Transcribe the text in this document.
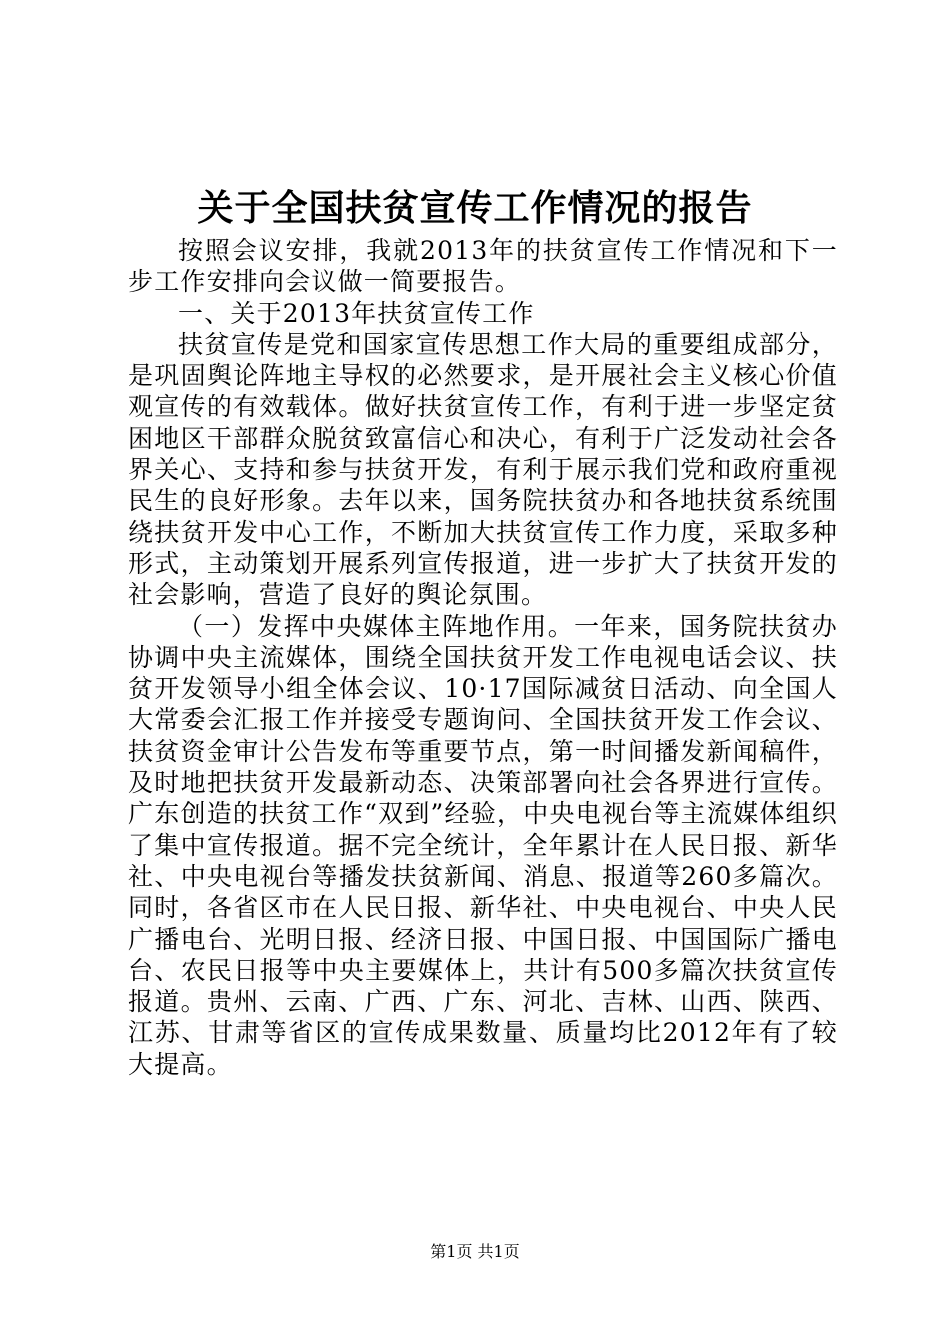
关于全国扶贫宣传工作情况的报告

按照会议安排，我就2013年的扶贫宣传工作情况和下一步工作安排向会议做一简要报告。

一、关于2013年扶贫宣传工作

扶贫宣传是党和国家宣传思想工作大局的重要组成部分，是巩固舆论阵地主导权的必然要求，是开展社会主义核心价值观宣传的有效载体。做好扶贫宣传工作，有利于进一步坚定贫困地区干部群众脱贫致富信心和决心，有利于广泛发动社会各界关心、支持和参与扶贫开发，有利于展示我们党和政府重视民生的良好形象。去年以来，国务院扶贫办和各地扶贫系统围绕扶贫开发中心工作，不断加大扶贫宣传工作力度，采取多种形式，主动策划开展系列宣传报道，进一步扩大了扶贫开发的社会影响，营造了良好的舆论氛围。

（一）发挥中央媒体主阵地作用。一年来，国务院扶贫办协调中央主流媒体，围绕全国扶贫开发工作电视电话会议、扶贫开发领导小组全体会议、10·17国际减贫日活动、向全国人大常委会汇报工作并接受专题询问、全国扶贫开发工作会议、扶贫资金审计公告发布等重要节点，第一时间播发新闻稿件，及时地把扶贫开发最新动态、决策部署向社会各界进行宣传。广东创造的扶贫工作“双到”经验，中央电视台等主流媒体组织了集中宣传报道。据不完全统计，全年累计在人民日报、新华社、中央电视台等播发扶贫新闻、消息、报道等260多篇次。同时，各省区市在人民日报、新华社、中央电视台、中央人民广播电台、光明日报、经济日报、中国日报、中国国际广播电台、农民日报等中央主要媒体上，共计有500多篇次扶贫宣传报道。贵州、云南、广西、广东、河北、吉林、山西、陕西、江苏、甘肃等省区的宣传成果数量、质量均比2012年有了较大提高。

第1页 共1页
